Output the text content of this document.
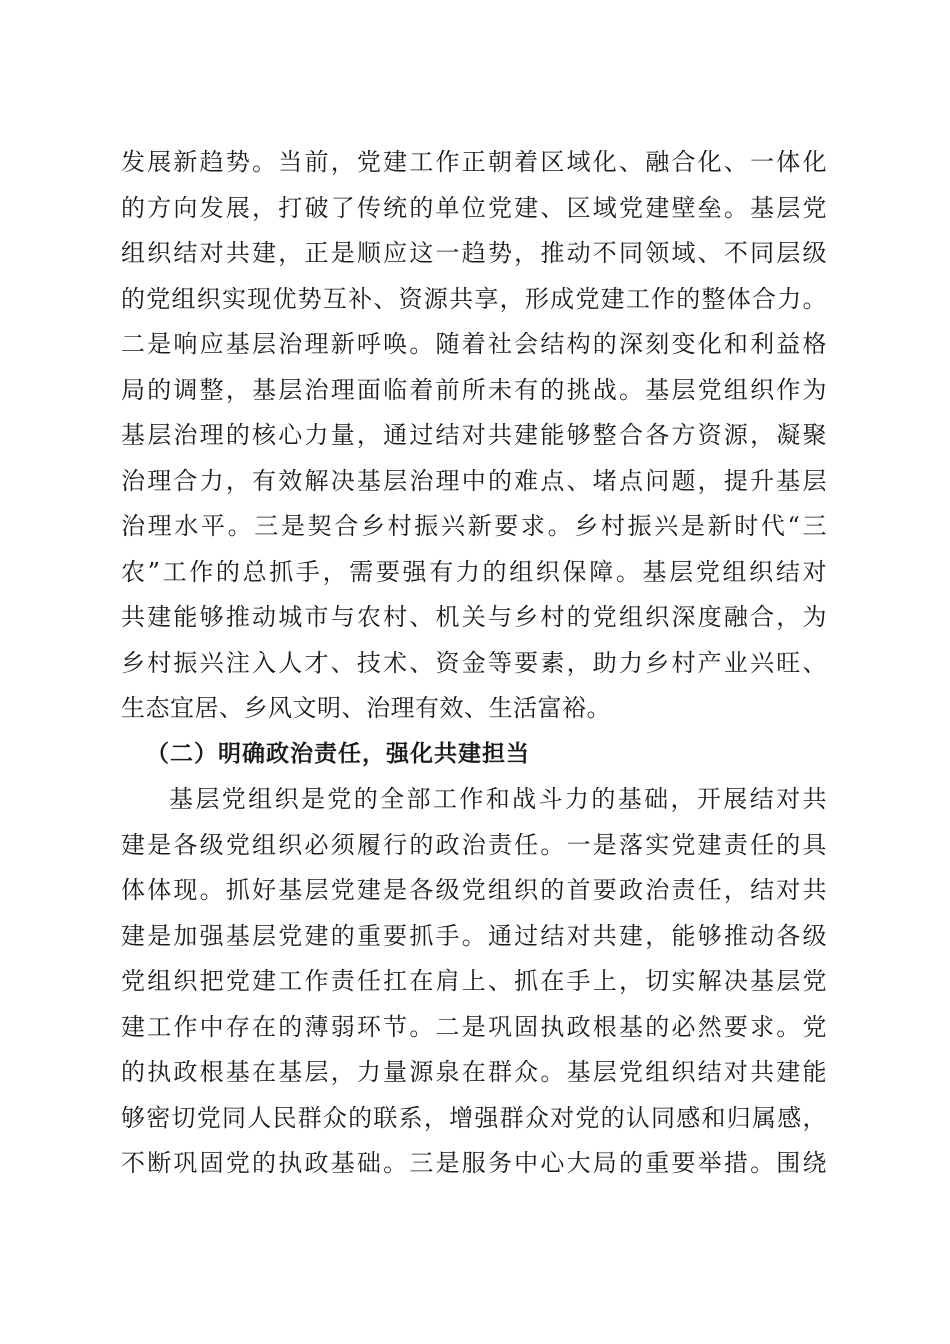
发展新趋势。当前，党建工作正朝着区域化、融合化、一体化
的方向发展，打破了传统的单位党建、区域党建壁垒。基层党
组织结对共建，正是顺应这一趋势，推动不同领域、不同层级
的党组织实现优势互补、资源共享，形成党建工作的整体合力。
二是响应基层治理新呼唤。随着社会结构的深刻变化和利益格
局的调整，基层治理面临着前所未有的挑战。基层党组织作为
基层治理的核心力量，通过结对共建能够整合各方资源，凝聚
治理合力，有效解决基层治理中的难点、堵点问题，提升基层
治理水平。三是契合乡村振兴新要求。乡村振兴是新时代“三
农”工作的总抓手，需要强有力的组织保障。基层党组织结对
共建能够推动城市与农村、机关与乡村的党组织深度融合，为
乡村振兴注入人才、技术、资金等要素，助力乡村产业兴旺、
生态宜居、乡风文明、治理有效、生活富裕。
（二）明确政治责任，强化共建担当
基层党组织是党的全部工作和战斗力的基础，开展结对共
建是各级党组织必须履行的政治责任。一是落实党建责任的具
体体现。抓好基层党建是各级党组织的首要政治责任，结对共
建是加强基层党建的重要抓手。通过结对共建，能够推动各级
党组织把党建工作责任扛在肩上、抓在手上，切实解决基层党
建工作中存在的薄弱环节。二是巩固执政根基的必然要求。党
的执政根基在基层，力量源泉在群众。基层党组织结对共建能
够密切党同人民群众的联系，增强群众对党的认同感和归属感，
不断巩固党的执政基础。三是服务中心大局的重要举措。围绕
